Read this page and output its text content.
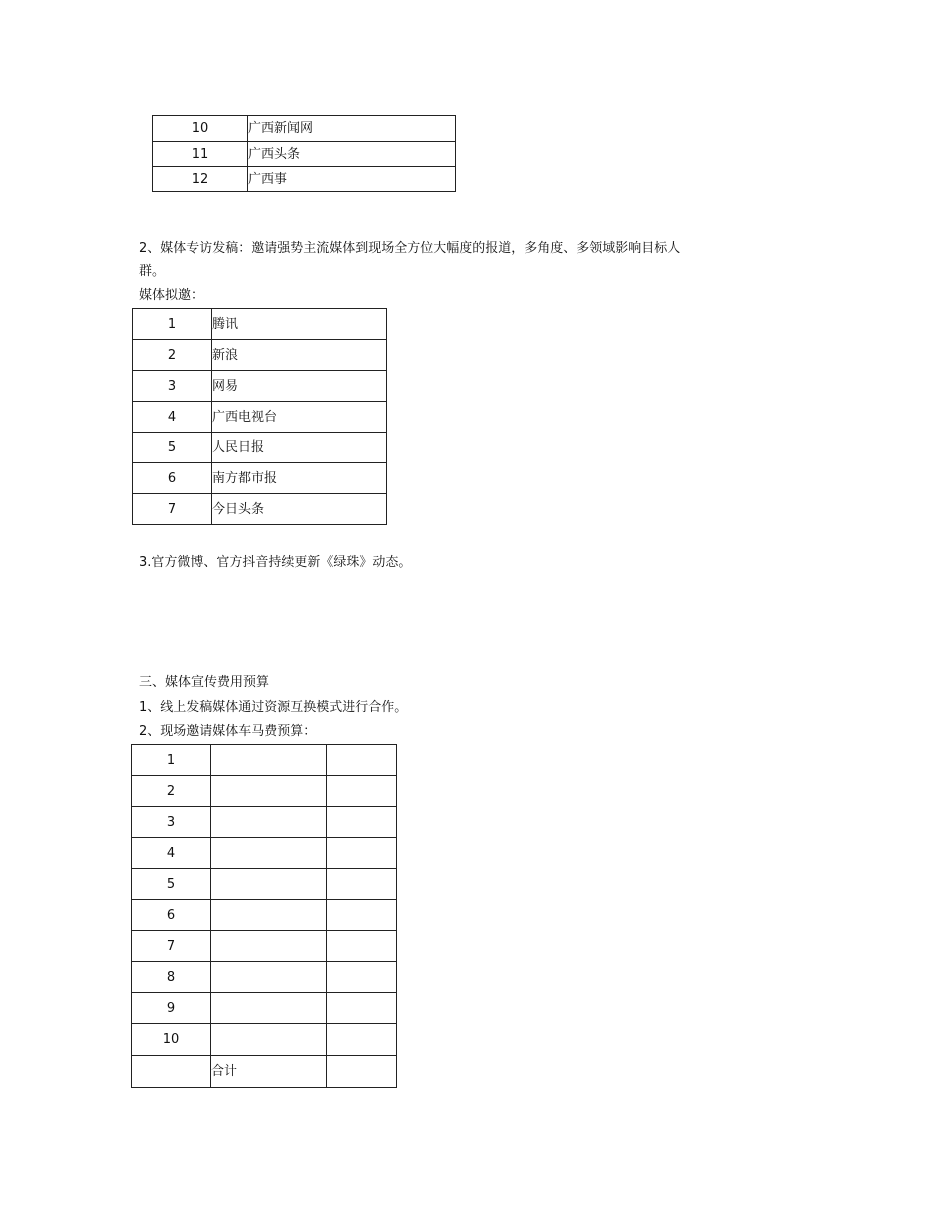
10	广西新闻网
11	广西头条
12	广西事
2、媒体专访发稿：邀请强势主流媒体到现场全方位大幅度的报道，多角度、多领域影响目标人
群。
媒体拟邀：
1	腾讯
2	新浪
3	网易
4	广西电视台
5	人民日报
6	南方都市报
7	今日头条
3.官方微博、官方抖音持续更新《绿珠》动态。
三、媒体宣传费用预算
1、线上发稿媒体通过资源互换模式进行合作。
2、现场邀请媒体车马费预算：
1		
2		
3		
4		
5		
6		
7		
8		
9		
10		
	合计	
